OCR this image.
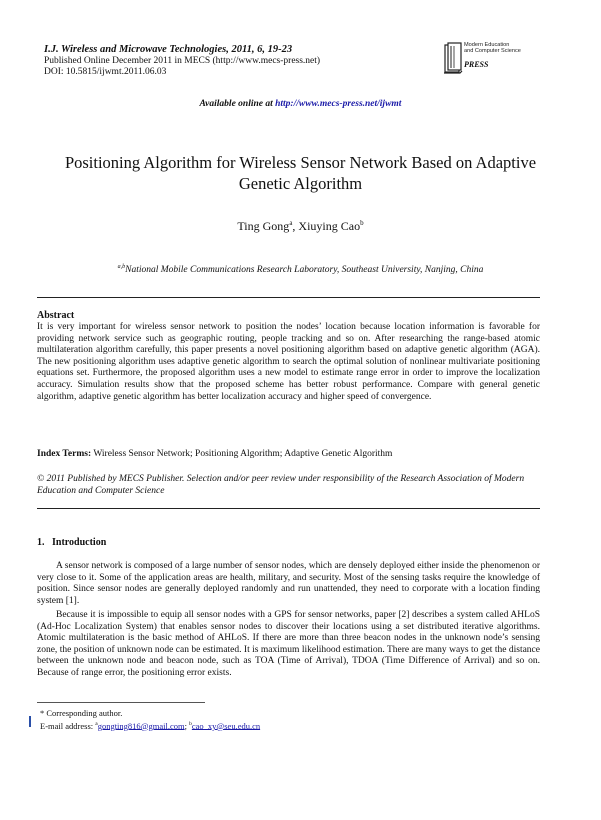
I.J. Wireless and Microwave Technologies, 2011, 6, 19-23
Published Online December 2011 in MECS (http://www.mecs-press.net)
DOI: 10.5815/ijwmt.2011.06.03
Modern Education
and Computer Science
PRESS
Available online at http://www.mecs-press.net/ijwmt
Positioning Algorithm for Wireless Sensor Network Based on Adaptive Genetic Algorithm
Ting Gong$^a$, Xiuying Cao$^b$
$^{a,b}$National Mobile Communications Research Laboratory, Southeast University, Nanjing, China
Abstract
It is very important for wireless sensor network to position the nodes’ location because location information is favorable for providing network service such as geographic routing, people tracking and so on. After researching the range-based atomic multilateration algorithm carefully, this paper presents a novel positioning algorithm based on adaptive genetic algorithm (AGA). The new positioning algorithm uses adaptive genetic algorithm to search the optimal solution of nonlinear multivariate positioning equations set. Furthermore, the proposed algorithm uses a new model to estimate range error in order to improve the localization accuracy. Simulation results show that the proposed scheme has better robust performance. Compare with general genetic algorithm, adaptive genetic algorithm has better localization accuracy and higher speed of convergence.
Index Terms: Wireless Sensor Network; Positioning Algorithm; Adaptive Genetic Algorithm
© 2011 Published by MECS Publisher. Selection and/or peer review under responsibility of the Research Association of Modern Education and Computer Science
1.   Introduction
A sensor network is composed of a large number of sensor nodes, which are densely deployed either inside the phenomenon or very close to it. Some of the application areas are health, military, and security. Most of the sensing tasks require the knowledge of position. Since sensor nodes are generally deployed randomly and run unattended, they need to corporate with a location finding system [1].
Because it is impossible to equip all sensor nodes with a GPS for sensor networks, paper [2] describes a system called AHLoS (Ad-Hoc Localization System) that enables sensor nodes to discover their locations using a set distributed iterative algorithms. Atomic multilateration is the basic method of AHLoS. If there are more than three beacon nodes in the unknown node’s sensing zone, the position of unknown node can be estimated. It is maximum likelihood estimation. There are many ways to get the distance between the unknown node and beacon node, such as TOA (Time of Arrival), TDOA (Time Difference of Arrival) and so on. Because of range error, the positioning error exists.
* Corresponding author.
E-mail address: $^a$gongting816@gmail.com; $^b$cao_xy@seu.edu.cn
